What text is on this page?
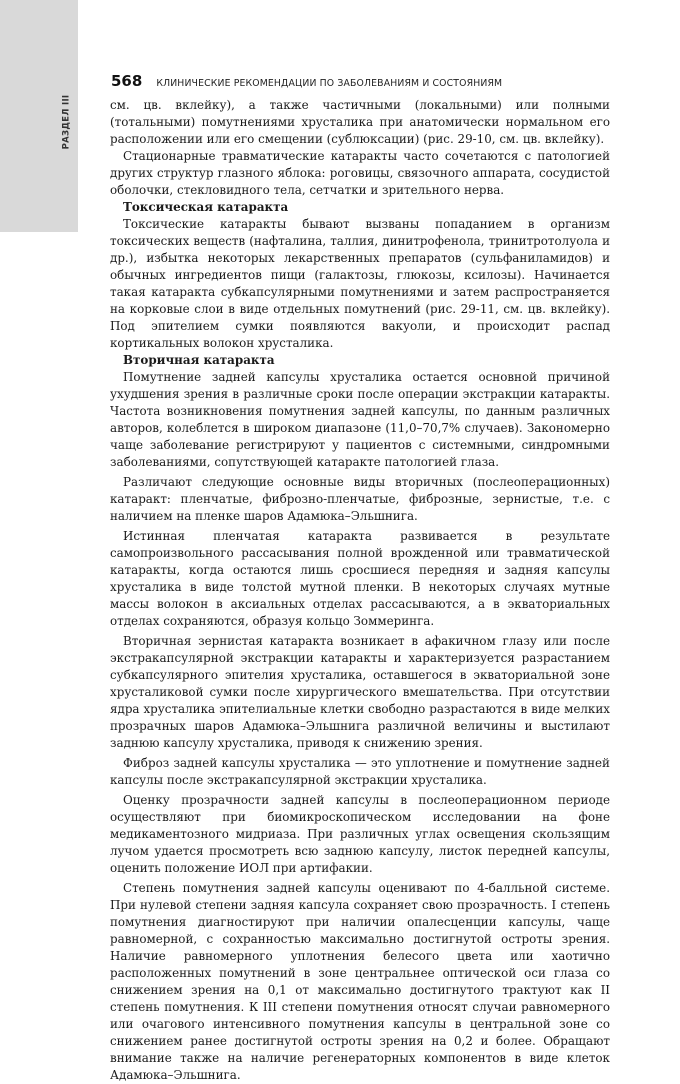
РАЗДЕЛ III
568 КЛИНИЧЕСКИЕ РЕКОМЕНДАЦИИ ПО ЗАБОЛЕВАНИЯМ И СОСТОЯНИЯМ

см. цв. вклейку), а также частичными (локальными) или полными (тотальными) помутнениями хрусталика при анатомически нормальном его расположении или его смещении (сублюксации) (рис. 29-10, см. цв. вклейку).

Стационарные травматические катаракты часто сочетаются с патологией других структур глазного яблока: роговицы, связочного аппарата, сосудистой оболочки, стекловидного тела, сетчатки и зрительного нерва.

Токсическая катаракта

Токсические катаракты бывают вызваны попаданием в организм токсических веществ (нафталина, таллия, динитрофенола, тринитротолуола и др.), избытка некоторых лекарственных препаратов (сульфаниламидов) и обычных ингредиентов пищи (галактозы, глюкозы, ксилозы). Начинается такая катаракта субкапсулярными помутнениями и затем распространяется на корковые слои в виде отдельных помутнений (рис. 29-11, см. цв. вклейку). Под эпителием сумки появляются вакуоли, и происходит распад кортикальных волокон хрусталика.

Вторичная катаракта

Помутнение задней капсулы хрусталика остается основной причиной ухудшения зрения в различные сроки после операции экстракции катаракты. Частота возникновения помутнения задней капсулы, по данным различных авторов, колеблется в широком диапазоне (11,0–70,7% случаев). Закономерно чаще заболевание регистрируют у пациентов с системными, синдромными заболеваниями, сопутствующей катаракте патологией глаза.

Различают следующие основные виды вторичных (послеоперационных) катаракт: пленчатые, фиброзно-пленчатые, фиброзные, зернистые, т.е. с наличием на пленке шаров Адамюка–Эльшнига.

Истинная пленчатая катаракта развивается в результате самопроизвольного рассасывания полной врожденной или травматической катаракты, когда остаются лишь сросшиеся передняя и задняя капсулы хрусталика в виде толстой мутной пленки. В некоторых случаях мутные массы волокон в аксиальных отделах рассасываются, а в экваториальных отделах сохраняются, образуя кольцо Зоммеринга.

Вторичная зернистая катаракта возникает в афакичном глазу или после экстракапсулярной экстракции катаракты и характеризуется разрастанием субкапсулярного эпителия хрусталика, оставшегося в экваториальной зоне хрусталиковой сумки после хирургического вмешательства. При отсутствии ядра хрусталика эпителиальные клетки свободно разрастаются в виде мелких прозрачных шаров Адамюка–Эльшнига различной величины и выстилают заднюю капсулу хрусталика, приводя к снижению зрения.

Фиброз задней капсулы хрусталика — это уплотнение и помутнение задней капсулы после экстракапсулярной экстракции хрусталика.

Оценку прозрачности задней капсулы в послеоперационном периоде осуществляют при биомикроскопическом исследовании на фоне медикаментозного мидриаза. При различных углах освещения скользящим лучом удается просмотреть всю заднюю капсулу, листок передней капсулы, оценить положение ИОЛ при артифакии.

Степень помутнения задней капсулы оценивают по 4-балльной системе. При нулевой степени задняя капсула сохраняет свою прозрачность. I степень помутнения диагностируют при наличии опалесценции капсулы, чаще равномерной, с сохранностью максимально достигнутой остроты зрения. Наличие равномерного уплотнения белесого цвета или хаотично расположенных помутнений в зоне центральнее оптической оси глаза со снижением зрения на 0,1 от максимально достигнутого трактуют как II степень помутнения. К III степени помутнения относят случаи равномерного или очагового интенсивного помутнения капсулы в центральной зоне со снижением ранее достигнутой остроты зрения на 0,2 и более. Обращают внимание также на наличие регенераторных компонентов в виде клеток Адамюка–Эльшнига.
